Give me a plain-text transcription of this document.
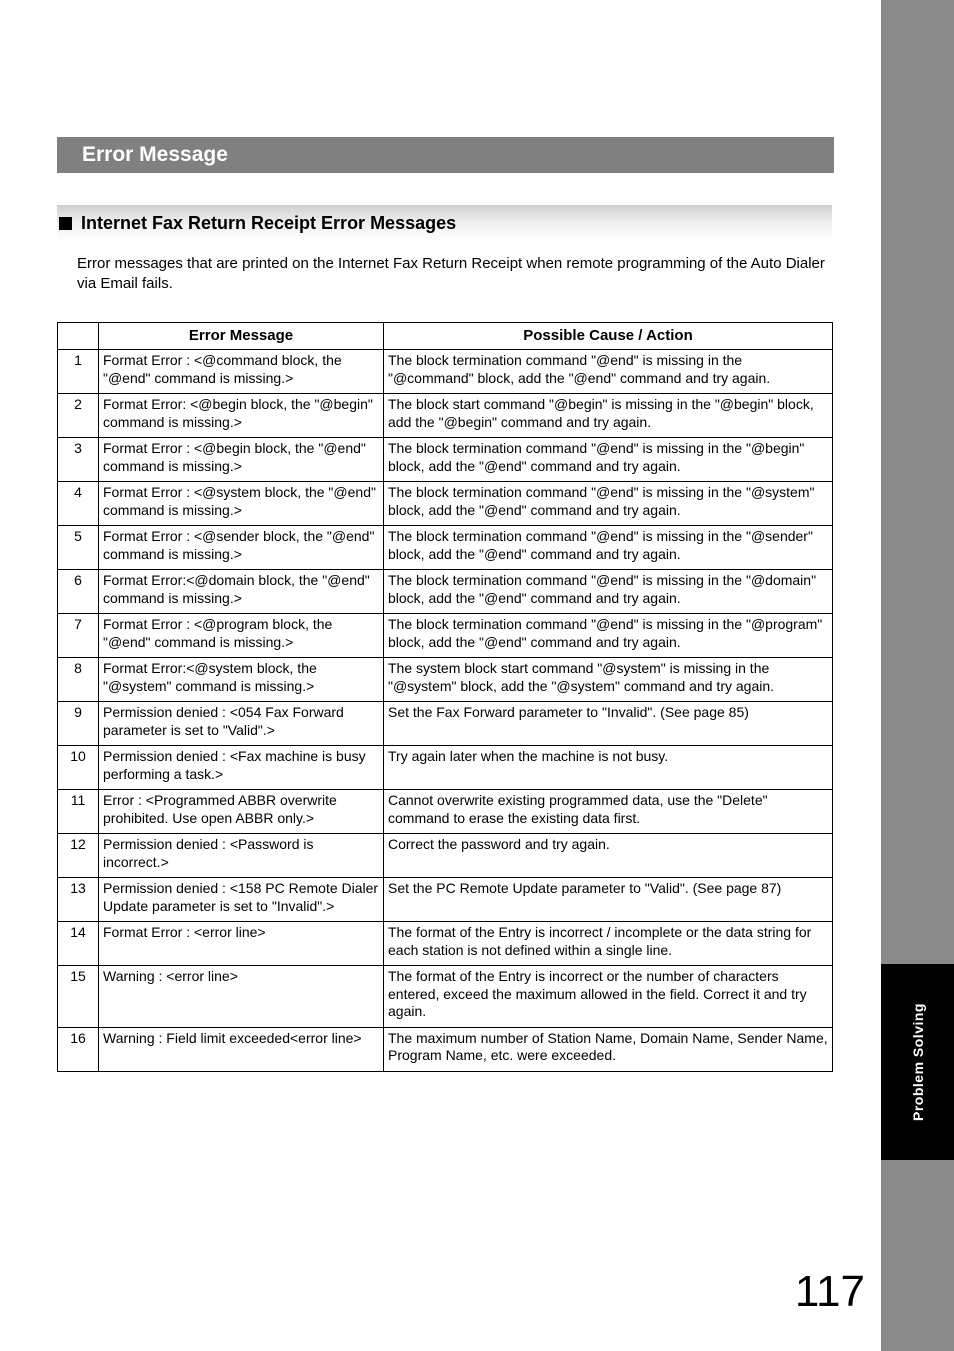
Problem Solving
Error Message
Internet Fax Return Receipt Error Messages

Error messages that are printed on the Internet Fax Return Receipt when remote programming of the Auto Dialer via Email fails.

	Error Message	Possible Cause / Action
1	Format Error : <@command block, the "@end" command is missing.>	The block termination command "@end" is missing in the "@command" block, add the "@end" command and try again.
2	Format Error: <@begin block, the "@begin" command is missing.>	The block start command "@begin" is missing in the "@begin" block, add the "@begin" command and try again.
3	Format Error : <@begin block, the "@end" command is missing.>	The block termination command "@end" is missing in the "@begin" block, add the "@end" command and try again.
4	Format Error : <@system block, the "@end" command is missing.>	The block termination command "@end" is missing in the "@system" block, add the "@end" command and try again.
5	Format Error : <@sender block, the "@end" command is missing.>	The block termination command "@end" is missing in the "@sender" block, add the "@end" command and try again.
6	Format Error:<@domain block, the "@end" command is missing.>	The block termination command "@end" is missing in the "@domain" block, add the "@end" command and try again.
7	Format Error : <@program block, the "@end" command is missing.>	The block termination command "@end" is missing in the "@program" block, add the "@end" command and try again.
8	Format Error:<@system block, the "@system" command is missing.>	The system block start command "@system" is missing in the "@system" block, add the "@system" command and try again.
9	Permission denied : <054 Fax Forward parameter is set to "Valid".>	Set the Fax Forward parameter to "Invalid". (See page 85)
10	Permission denied : <Fax machine is busy performing a task.>	Try again later when the machine is not busy.
11	Error : <Programmed ABBR overwrite prohibited. Use open ABBR only.>	Cannot overwrite existing programmed data, use the "Delete" command to erase the existing data first.
12	Permission denied : <Password is incorrect.>	Correct the password and try again.
13	Permission denied : <158 PC Remote Dialer Update parameter is set to "Invalid".>	Set the PC Remote Update parameter to "Valid". (See page 87)
14	Format Error : <error line>	The format of the Entry is incorrect / incomplete or the data string for each station is not defined within a single line.
15	Warning : <error line>	The format of the Entry is incorrect or the number of characters entered, exceed the maximum allowed in the field. Correct it and try again.
16	Warning : Field limit exceeded<error line>	The maximum number of Station Name, Domain Name, Sender Name, Program Name, etc. were exceeded.
117
